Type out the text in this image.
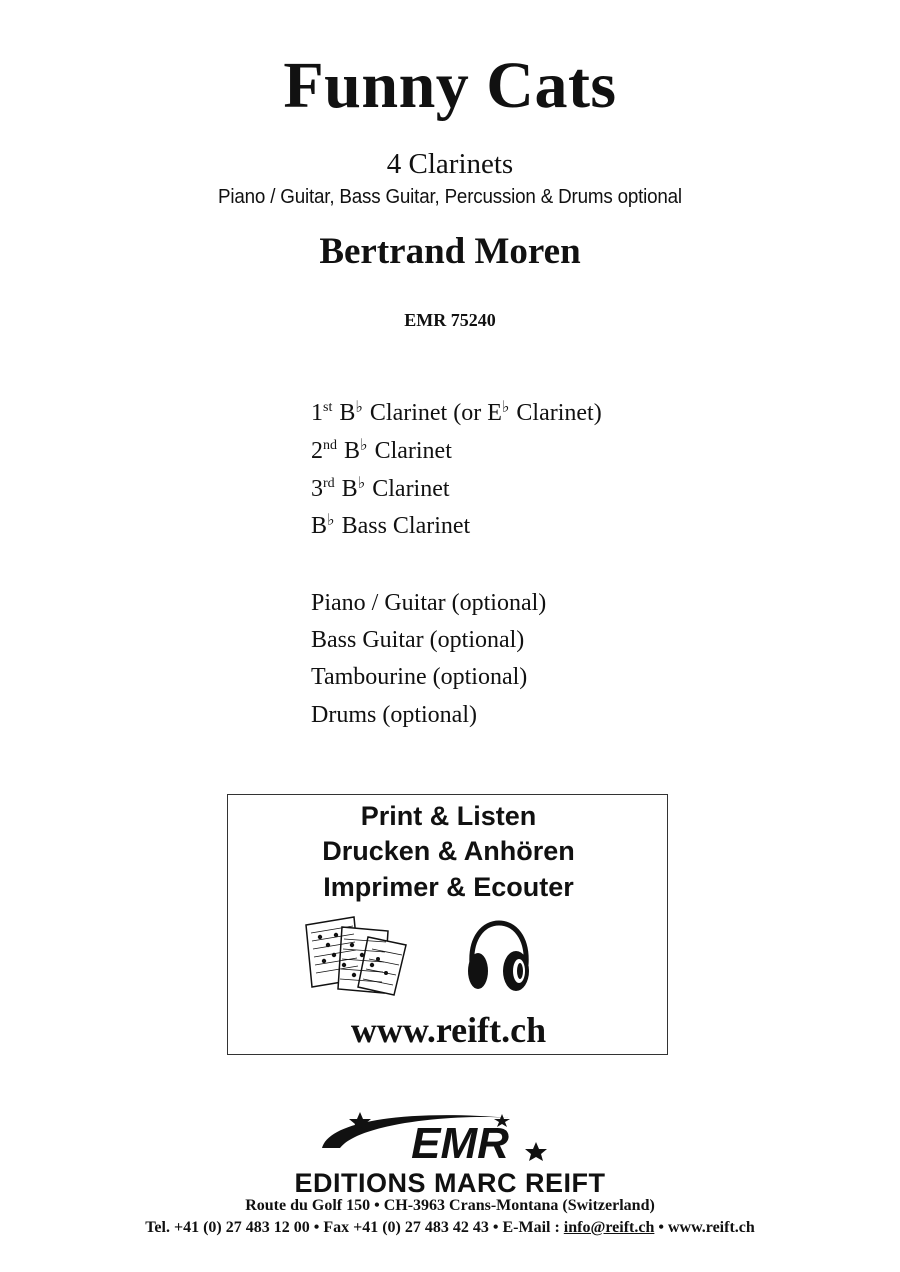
Funny Cats
4 Clarinets
Piano / Guitar, Bass Guitar, Percussion & Drums optional
Bertrand Moren
EMR 75240
1st B♭ Clarinet (or E♭ Clarinet)
2nd B♭ Clarinet
3rd B♭ Clarinet
B♭ Bass Clarinet
Piano / Guitar (optional)
Bass Guitar (optional)
Tambourine (optional)
Drums (optional)
Print & Listen
Drucken & Anhören
Imprimer & Ecouter
www.reift.ch
EMR
EDITIONS MARC REIFT
Route du Golf 150 • CH-3963 Crans-Montana (Switzerland)
Tel. +41 (0) 27 483 12 00 • Fax +41 (0) 27 483 42 43 • E-Mail : info@reift.ch • www.reift.ch
